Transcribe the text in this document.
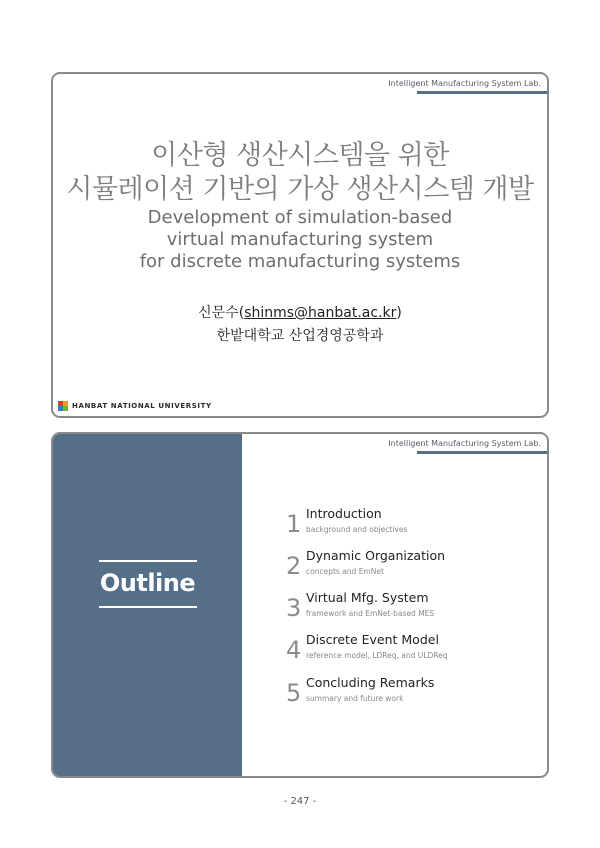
Intelligent Manufacturing System Lab.
이산형 생산시스템을 위한
시뮬레이션 기반의 가상 생산시스템 개발
Development of simulation-based
virtual manufacturing system
for discrete manufacturing systems
신문수(shinms@hanbat.ac.kr)
한밭대학교 산업경영공학과
HANBAT NATIONAL UNIVERSITY
Outline
Intelligent Manufacturing System Lab.
1 Introduction
background and objectives
2 Dynamic Organization
concepts and EmNet
3 Virtual Mfg. System
framework and EmNet-based MES
4 Discrete Event Model
reference model, LDReq, and ULDReq
5 Concluding Remarks
summary and future work
- 247 -
